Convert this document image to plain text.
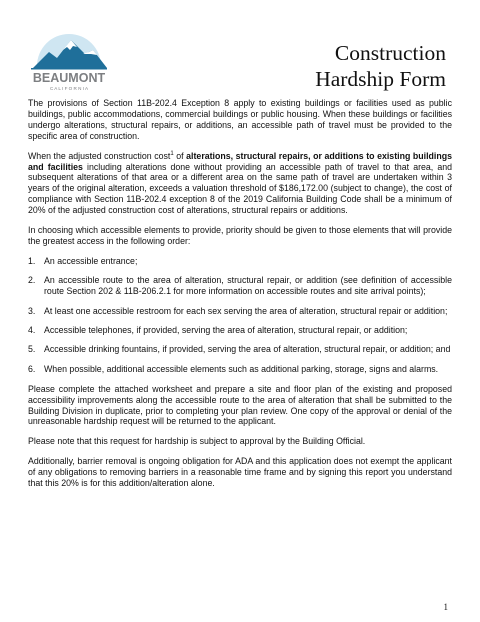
BEAUMONT
C A L I F O R N I A
Construction
Hardship Form

The provisions of Section 11B-202.4 Exception 8 apply to existing buildings or facilities used as public buildings, public accommodations, commercial buildings or public housing. When these buildings or facilities undergo alterations, structural repairs, or additions, an accessible path of travel must be provided to the specific area of construction.

When the adjusted construction cost$^1$ of alterations, structural repairs, or additions to existing buildings and facilities including alterations done without providing an accessible path of travel to that area, and subsequent alterations of that area or a different area on the same path of travel are undertaken within 3 years of the original alteration, exceeds a valuation threshold of $186,172.00 (subject to change), the cost of compliance with Section 11B-202.4 exception 8 of the 2019 California Building Code shall be a minimum of 20% of the adjusted construction cost of alterations, structural repairs or additions.

In choosing which accessible elements to provide, priority should be given to those elements that will provide the greatest access in the following order:

1. An accessible entrance;
2. An accessible route to the area of alteration, structural repair, or addition (see definition of accessible route Section 202 & 11B-206.2.1 for more information on accessible routes and site arrival points);
3. At least one accessible restroom for each sex serving the area of alteration, structural repair or addition;
4. Accessible telephones, if provided, serving the area of alteration, structural repair, or addition;
5. Accessible drinking fountains, if provided, serving the area of alteration, structural repair, or addition; and
6. When possible, additional accessible elements such as additional parking, storage, signs and alarms.

Please complete the attached worksheet and prepare a site and floor plan of the existing and proposed accessibility improvements along the accessible route to the area of alteration that shall be submitted to the Building Division in duplicate, prior to completing your plan review. One copy of the approval or denial of the unreasonable hardship request will be returned to the applicant.

Please note that this request for hardship is subject to approval by the Building Official.

Additionally, barrier removal is ongoing obligation for ADA and this application does not exempt the applicant of any obligations to removing barriers in a reasonable time frame and by signing this report you understand that this 20% is for this addition/alteration alone.

1
